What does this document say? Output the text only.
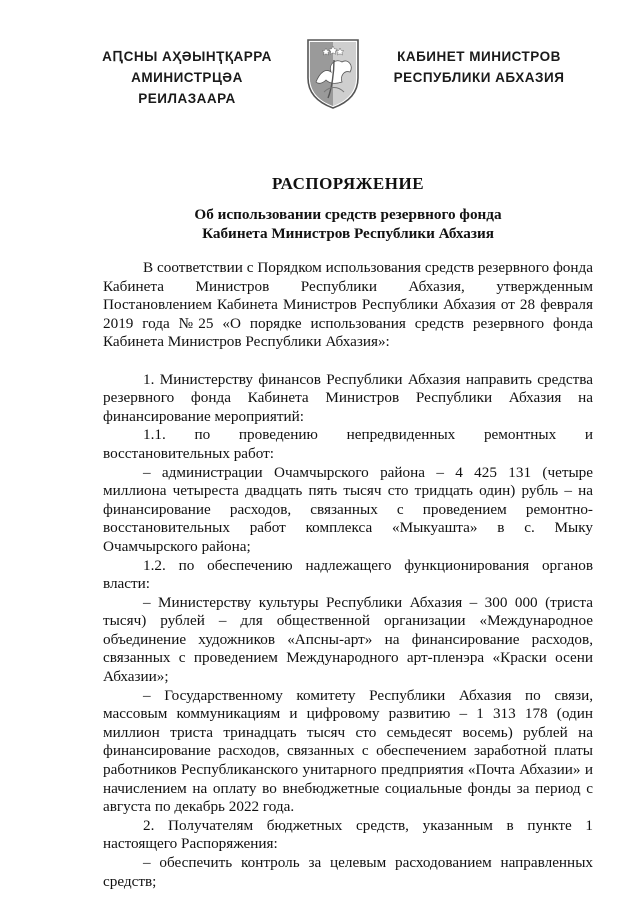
АԤСНЫ АҲӘЫНҬҚАРРА
АМИНИСТРЦӘА РЕИЛАЗААРА
КАБИНЕТ МИНИСТРОВ
РЕСПУБЛИКИ АБХАЗИЯ
РАСПОРЯЖЕНИЕ
Об использовании средств резервного фонда
Кабинета Министров Республики Абхазия

В соответствии с Порядком использования средств резервного фонда Кабинета Министров Республики Абхазия, утвержденным Постановлением Кабинета Министров Республики Абхазия от 28 февраля 2019 года №25 «О порядке использования средств резервного фонда Кабинета Министров Республики Абхазия»:

1. Министерству финансов Республики Абхазия направить средства резервного фонда Кабинета Министров Республики Абхазия на финансирование мероприятий:

1.1. по проведению непредвиденных ремонтных и восстановительных работ:

– администрации Очамчырского района – 4 425 131 (четыре миллиона четыреста двадцать пять тысяч сто тридцать один) рубль – на финансирование расходов, связанных с проведением ремонтно-восстановительных работ комплекса «Мыкуашта» в с. Мыку Очамчырского района;

1.2. по обеспечению надлежащего функционирования органов власти:

– Министерству культуры Республики Абхазия – 300 000 (триста тысяч) рублей – для общественной организации «Международное объединение художников «Апсны-арт» на финансирование расходов, связанных с проведением Международного арт-пленэра «Краски осени Абхазии»;

– Государственному комитету Республики Абхазия по связи, массовым коммуникациям и цифровому развитию – 1 313 178 (один миллион триста тринадцать тысяч сто семьдесят восемь) рублей на финансирование расходов, связанных с обеспечением заработной платы работников Республиканского унитарного предприятия «Почта Абхазии» и начислением на оплату во внебюджетные социальные фонды за период с августа по декабрь 2022 года.

2. Получателям бюджетных средств, указанным в пункте 1 настоящего Распоряжения:

– обеспечить контроль за целевым расходованием направленных средств;
